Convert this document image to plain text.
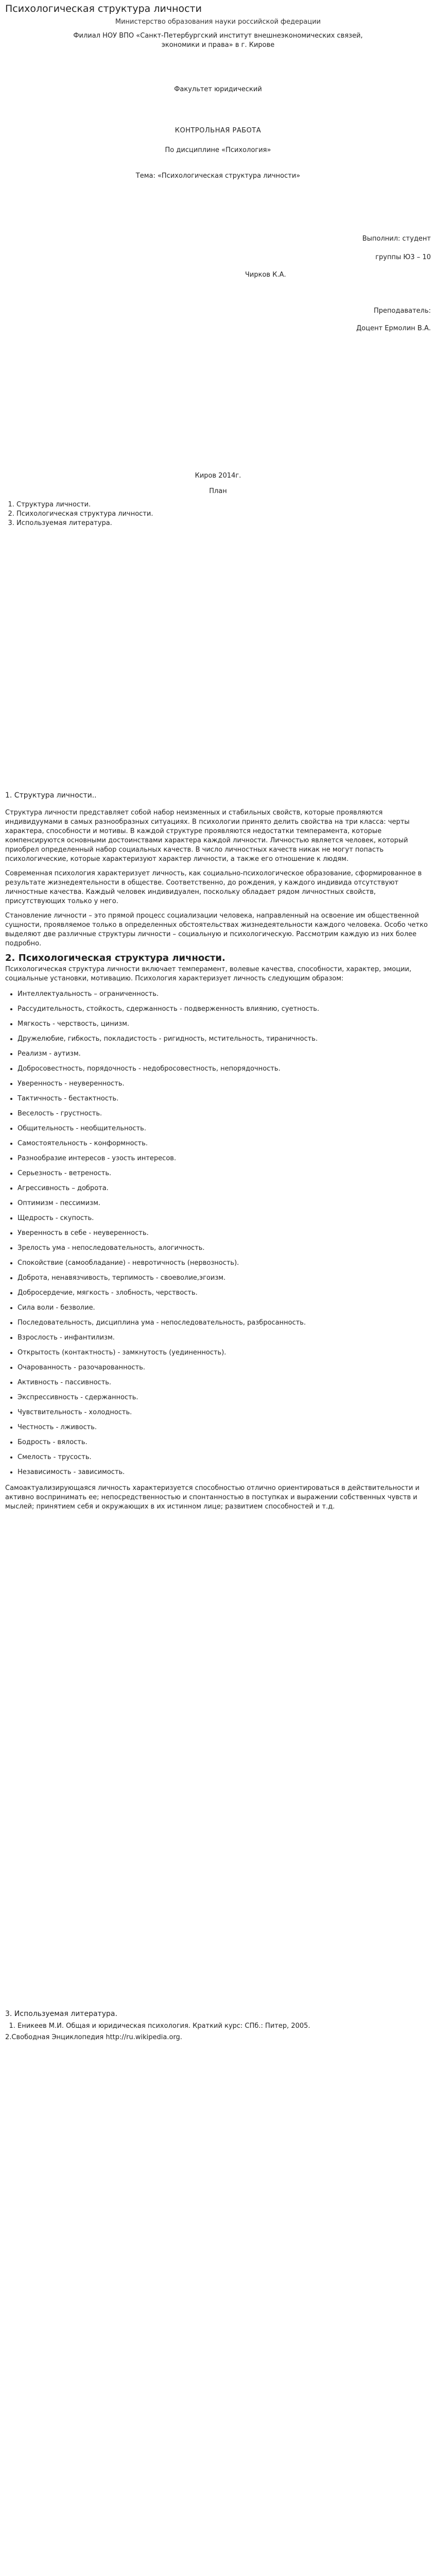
Психологическая структура личности

Министерство образования науки российской федерации

Филиал НОУ ВПО «Санкт-Петербургский институт внешнеэкономических связей,

экономики и права» в г. Кирове

Факультет юридический

КОНТРОЛЬНАЯ РАБОТА

По дисциплине «Психология»

Тема: «Психологическая структура личности»

Выполнил: студент

группы Ю3 – 10

Чирков К.А.

Преподаватель:

Доцент Ермолин В.А.

Киров 2014г.

План

1. Структура личности.
2. Психологическая структура личности.
3. Используемая литература.
1. Структура личности..

Структура личности представляет собой набор неизменных и стабильных свойств, которые проявляются индивидуумами в самых разнообразных ситуациях. В психологии принято делить свойства на три класса: черты характера, способности и мотивы. В каждой структуре проявляются недостатки темперамента, которые компенсируются основными достоинствами характера каждой личности. Личностью является человек, который приобрел определенный набор социальных качеств. В число личностных качеств никак не могут попасть психологические, которые характеризуют характер личности, а также его отношение к людям.

Современная психология характеризует личность, как социально-психологическое образование, сформированное в результате жизнедеятельности в обществе. Соответственно, до рождения, у каждого индивида отсутствуют личностные качества. Каждый человек индивидуален, поскольку обладает рядом личностных свойств, присутствующих только у него.

Становление личности – это прямой процесс социализации человека, направленный на освоение им общественной сущности, проявляемое только в определенных обстоятельствах жизнедеятельности каждого человека. Особо четко выделяют две различные структуры личности – социальную и психологическую. Рассмотрим каждую из них более подробно.

2. Психологическая структура личности.

Психологическая структура личности включает темперамент, волевые качества, способности, характер, эмоции, социальные установки, мотивацию. Психология характеризует личность следующим образом:

• Интеллектуальность – ограниченность.
• Рассудительность, стойкость, сдержанность - подверженность влиянию, суетность.
• Мягкость - черствость, цинизм.
• Дружелюбие, гибкость, покладистость - ригидность, мстительность, тираничность.
• Реализм - аутизм.
• Добросовестность, порядочность - недобросовестность, непорядочность.
• Уверенность - неуверенность.
• Тактичность - бестактность.
• Веселость - грустность.
• Общительность - необщительность.
• Самостоятельность - конформность.
• Разнообразие интересов - узость интересов.
• Серьезность - ветреность.
• Агрессивность – доброта.
• Оптимизм - пессимизм.
• Щедрость - скупость.
• Уверенность в себе - неуверенность.
• Зрелость ума - непоследовательность, алогичность.
• Спокойствие (самообладание) - невротичность (нервозность).
• Доброта, ненавязчивость, терпимость - своеволие,эгоизм.
• Добросердечие, мягкость - злобность, черствость.
• Сила воли - безволие.
• Последовательность, дисциплина ума - непоследовательность, разбросанность.
• Взрослость - инфантилизм.
• Открытость (контактность) - замкнутость (уединенность).
• Очарованность - разочарованность.
• Активность - пассивность.
• Экспрессивность - сдержанность.
• Чувствительность - холодность.
• Честность - лживость.
• Бодрость - вялость.
• Смелость - трусость.
• Независимость - зависимость.

Самоактуализирующаяся личность характеризуется способностью отлично ориентироваться в действительности и активно воспринимать ее; непосредственностью и спонтанностью в поступках и выражении собственных чувств и мыслей; принятием себя и окружающих в их истинном лице; развитием способностей и т.д.

3. Используемая литература.
1. Еникеев М.И. Общая и юридическая психология. Краткий курс: СПб.: Питер, 2005.

2.Свободная Энциклопедия http://ru.wikipedia.org.
